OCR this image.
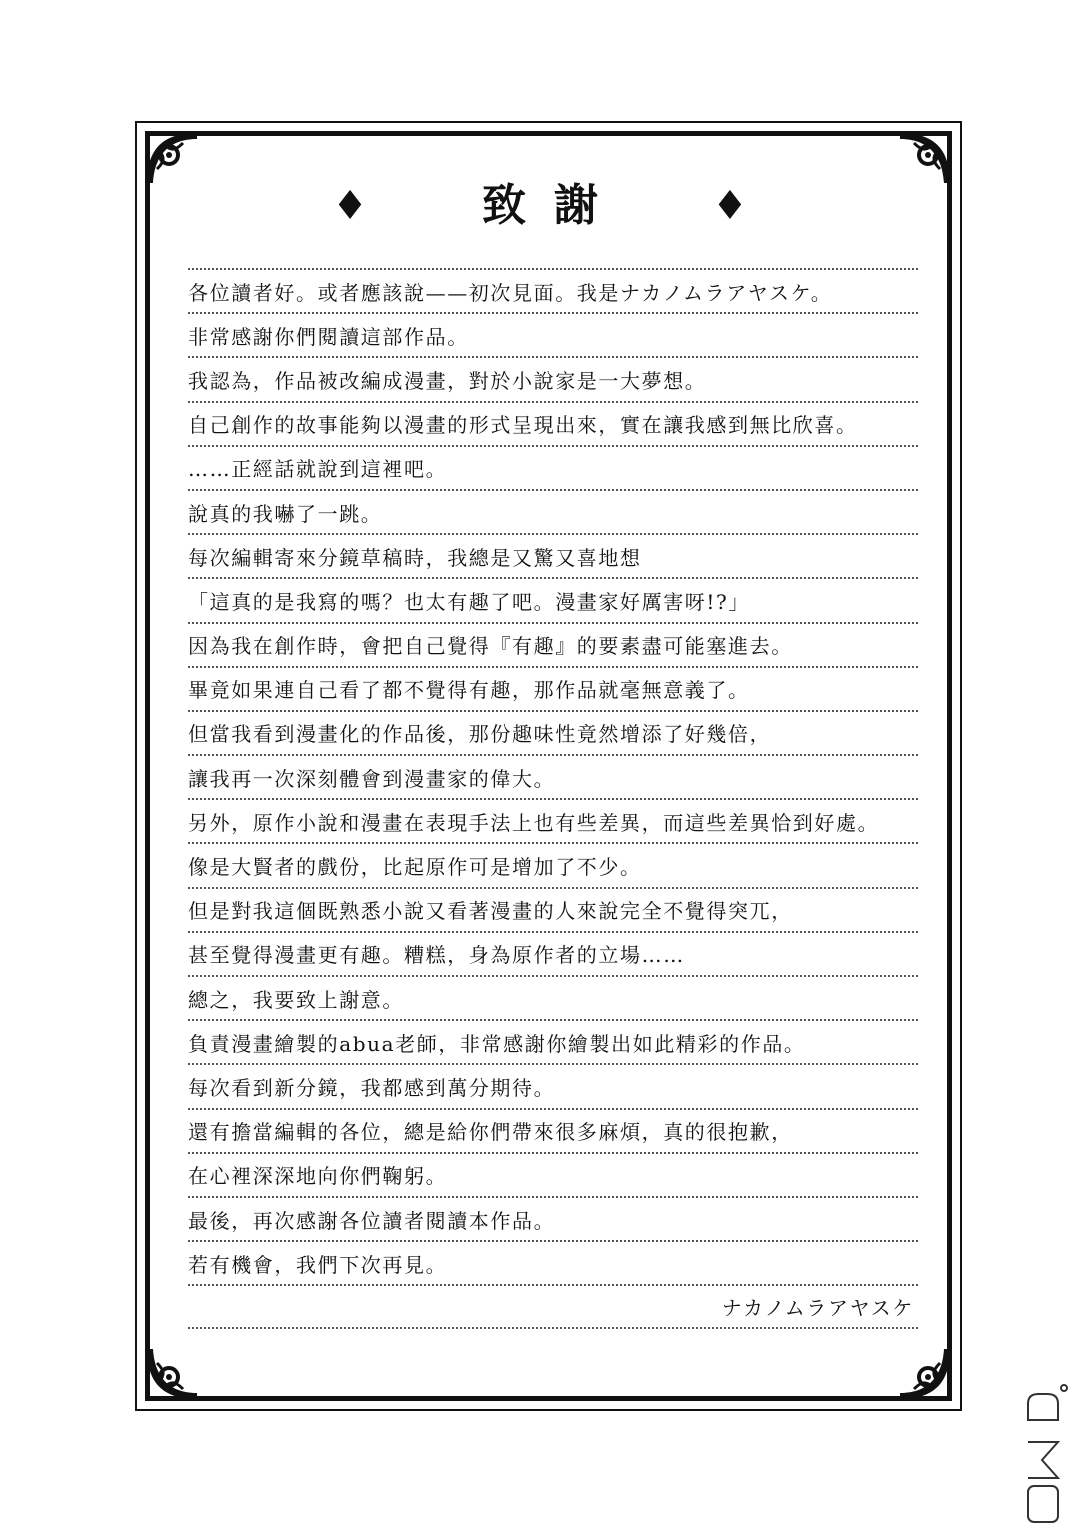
♦	致謝 ♦
各位讀者好。或者應該說——初次見面。我是ナカノムラアヤスケ。
非常感謝你們閱讀這部作品。
我認為，作品被改編成漫畫，對於小說家是一大夢想。
自己創作的故事能夠以漫畫的形式呈現出來，實在讓我感到無比欣喜。
……正經話就說到這裡吧。
說真的我嚇了一跳。
每次編輯寄來分鏡草稿時，我總是又驚又喜地想
「這真的是我寫的嗎？也太有趣了吧。漫畫家好厲害呀!?」
因為我在創作時，會把自己覺得『有趣』的要素盡可能塞進去。
畢竟如果連自己看了都不覺得有趣，那作品就毫無意義了。
但當我看到漫畫化的作品後，那份趣味性竟然增添了好幾倍，
讓我再一次深刻體會到漫畫家的偉大。
另外，原作小說和漫畫在表現手法上也有些差異，而這些差異恰到好處。
像是大賢者的戲份，比起原作可是增加了不少。
但是對我這個既熟悉小說又看著漫畫的人來說完全不覺得突兀，
甚至覺得漫畫更有趣。糟糕，身為原作者的立場……
總之，我要致上謝意。
負責漫畫繪製的abua老師，非常感謝你繪製出如此精彩的作品。
每次看到新分鏡，我都感到萬分期待。
還有擔當編輯的各位，總是給你們帶來很多麻煩，真的很抱歉，
在心裡深深地向你們鞠躬。
最後，再次感謝各位讀者閱讀本作品。
若有機會，我們下次再見。
ナカノムラアヤスケ
